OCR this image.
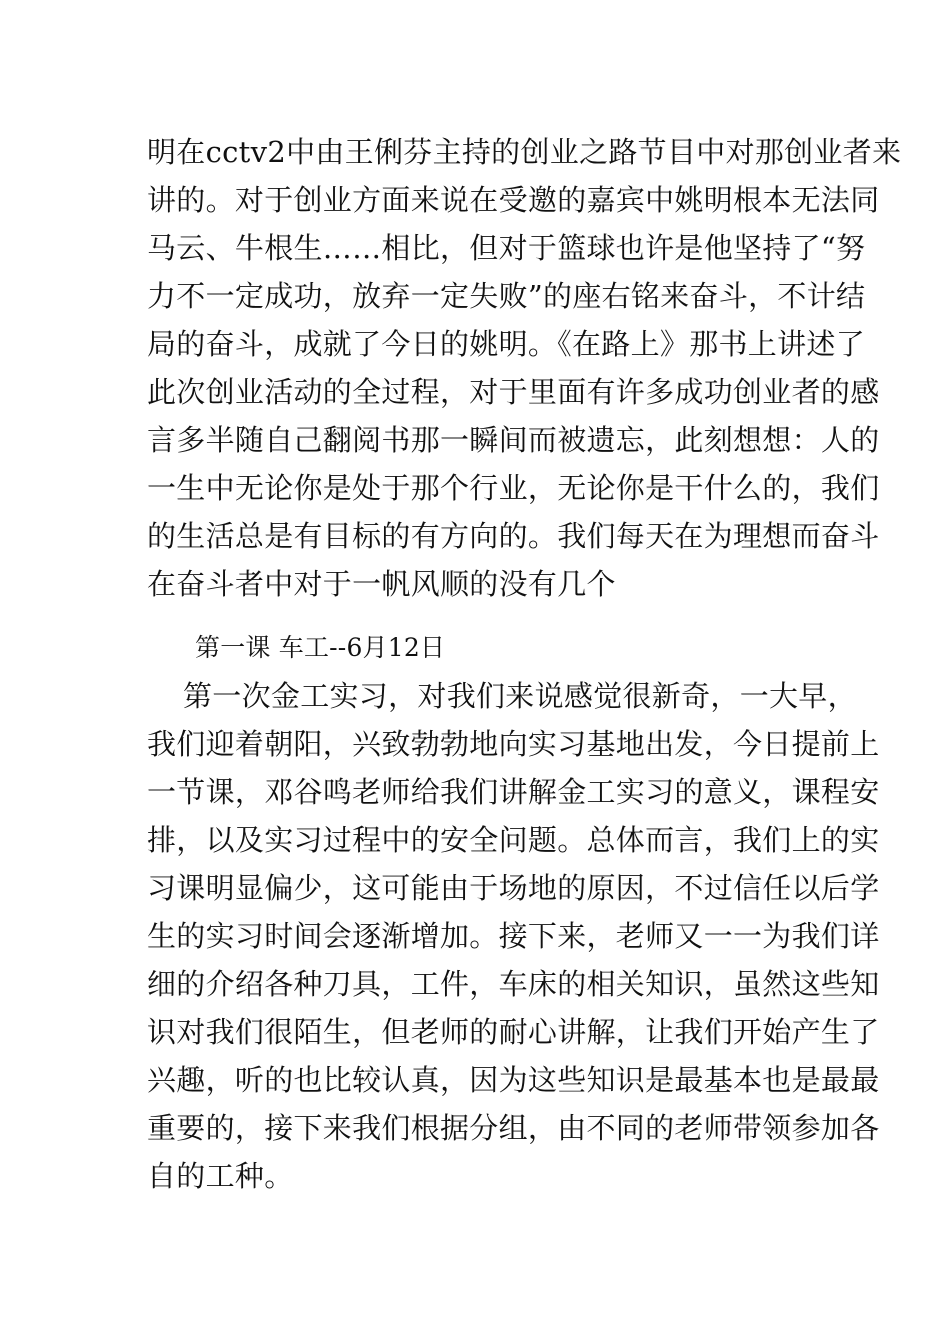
明在cctv2中由王俐芬主持的创业之路节目中对那创业者来
讲的。对于创业方面来说在受邀的嘉宾中姚明根本无法同
马云、牛根生……相比，但对于篮球也许是他坚持了“努
力不一定成功，放弃一定失败”的座右铭来奋斗，不计结
局的奋斗，成就了今日的姚明。《在路上》那书上讲述了
此次创业活动的全过程，对于里面有许多成功创业者的感
言多半随自己翻阅书那一瞬间而被遗忘，此刻想想：人的
一生中无论你是处于那个行业，无论你是干什么的，我们
的生活总是有目标的有方向的。我们每天在为理想而奋斗
在奋斗者中对于一帆风顺的没有几个
第一课 车工--6月12日
第一次金工实习，对我们来说感觉很新奇，一大早，
我们迎着朝阳，兴致勃勃地向实习基地出发，今日提前上
一节课，邓谷鸣老师给我们讲解金工实习的意义，课程安
排，以及实习过程中的安全问题。总体而言，我们上的实
习课明显偏少，这可能由于场地的原因，不过信任以后学
生的实习时间会逐渐增加。接下来，老师又一一为我们详
细的介绍各种刀具，工件，车床的相关知识，虽然这些知
识对我们很陌生，但老师的耐心讲解，让我们开始产生了
兴趣，听的也比较认真，因为这些知识是最基本也是最最
重要的，接下来我们根据分组，由不同的老师带领参加各
自的工种。
